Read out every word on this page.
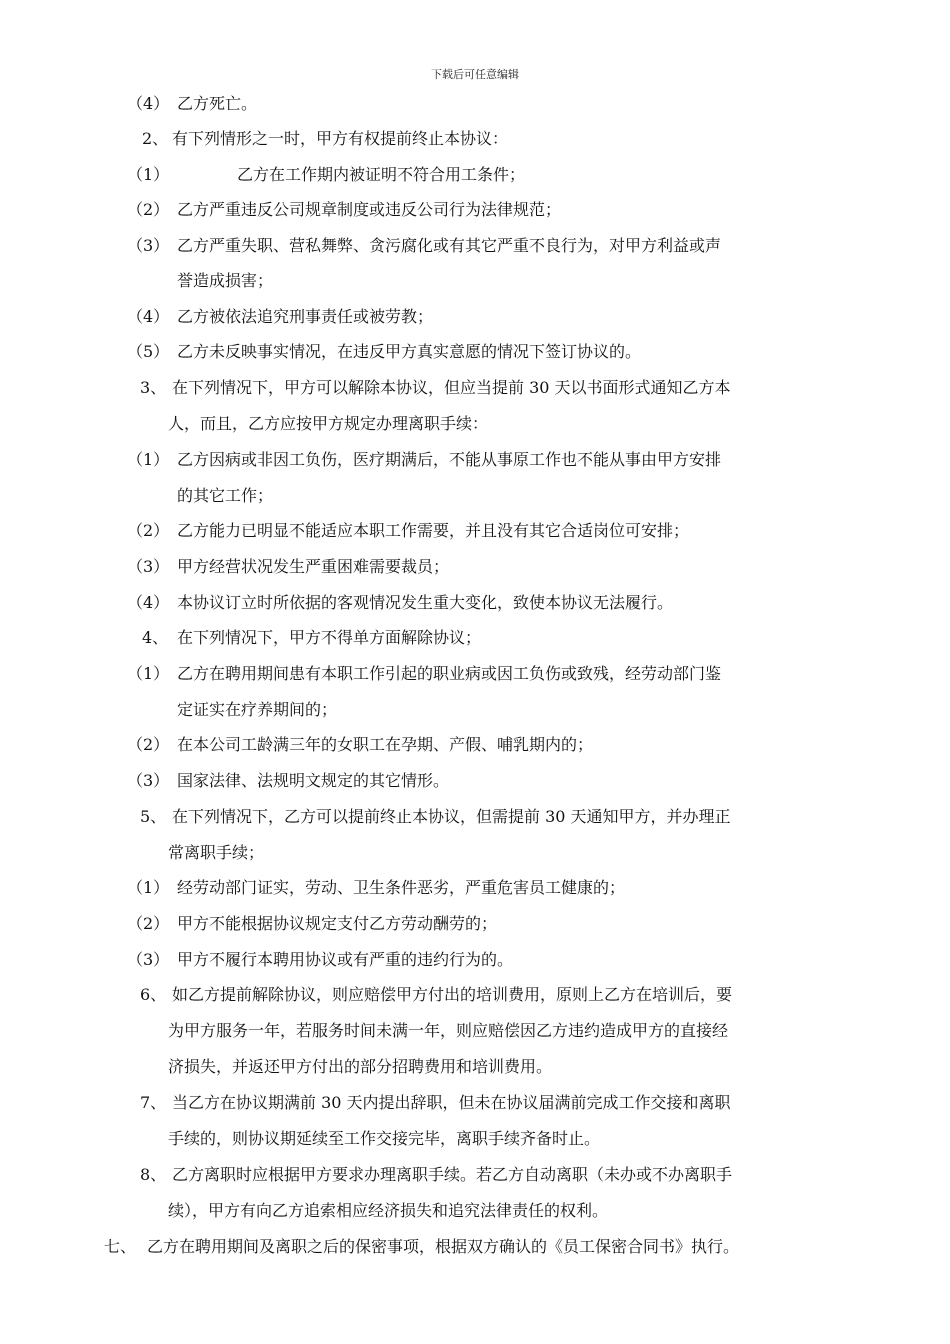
下载后可任意编辑
（4） 乙方死亡。
2、 有下列情形之一时，甲方有权提前终止本协议：
（1）	乙方在工作期内被证明不符合用工条件；
（2） 乙方严重违反公司规章制度或违反公司行为法律规范；
（3） 乙方严重失职、营私舞弊、贪污腐化或有其它严重不良行为，对甲方利益或声
誉造成损害；
（4） 乙方被依法追究刑事责任或被劳教；
（5） 乙方未反映事实情况，在违反甲方真实意愿的情况下签订协议的。
3、 在下列情况下，甲方可以解除本协议，但应当提前 30 天以书面形式通知乙方本
人，而且，乙方应按甲方规定办理离职手续：
（1） 乙方因病或非因工负伤，医疗期满后，不能从事原工作也不能从事由甲方安排
的其它工作；
（2） 乙方能力已明显不能适应本职工作需要，并且没有其它合适岗位可安排；
（3） 甲方经营状况发生严重困难需要裁员；
（4） 本协议订立时所依据的客观情况发生重大变化，致使本协议无法履行。
4、 在下列情况下，甲方不得单方面解除协议；
（1） 乙方在聘用期间患有本职工作引起的职业病或因工负伤或致残，经劳动部门鉴
定证实在疗养期间的；
（2） 在本公司工龄满三年的女职工在孕期、产假、哺乳期内的；
（3） 国家法律、法规明文规定的其它情形。
5、 在下列情况下，乙方可以提前终止本协议，但需提前 30 天通知甲方，并办理正
常离职手续；
（1） 经劳动部门证实，劳动、卫生条件恶劣，严重危害员工健康的；
（2） 甲方不能根据协议规定支付乙方劳动酬劳的；
（3） 甲方不履行本聘用协议或有严重的违约行为的。
6、 如乙方提前解除协议，则应赔偿甲方付出的培训费用，原则上乙方在培训后，要
为甲方服务一年，若服务时间未满一年，则应赔偿因乙方违约造成甲方的直接经
济损失，并返还甲方付出的部分招聘费用和培训费用。
7、 当乙方在协议期满前 30 天内提出辞职，但未在协议届满前完成工作交接和离职
手续的，则协议期延续至工作交接完毕，离职手续齐备时止。
8、 乙方离职时应根据甲方要求办理离职手续。若乙方自动离职（未办或不办离职手
续），甲方有向乙方追索相应经济损失和追究法律责任的权利。
七、 乙方在聘用期间及离职之后的保密事项，根据双方确认的《员工保密合同书》执行。
